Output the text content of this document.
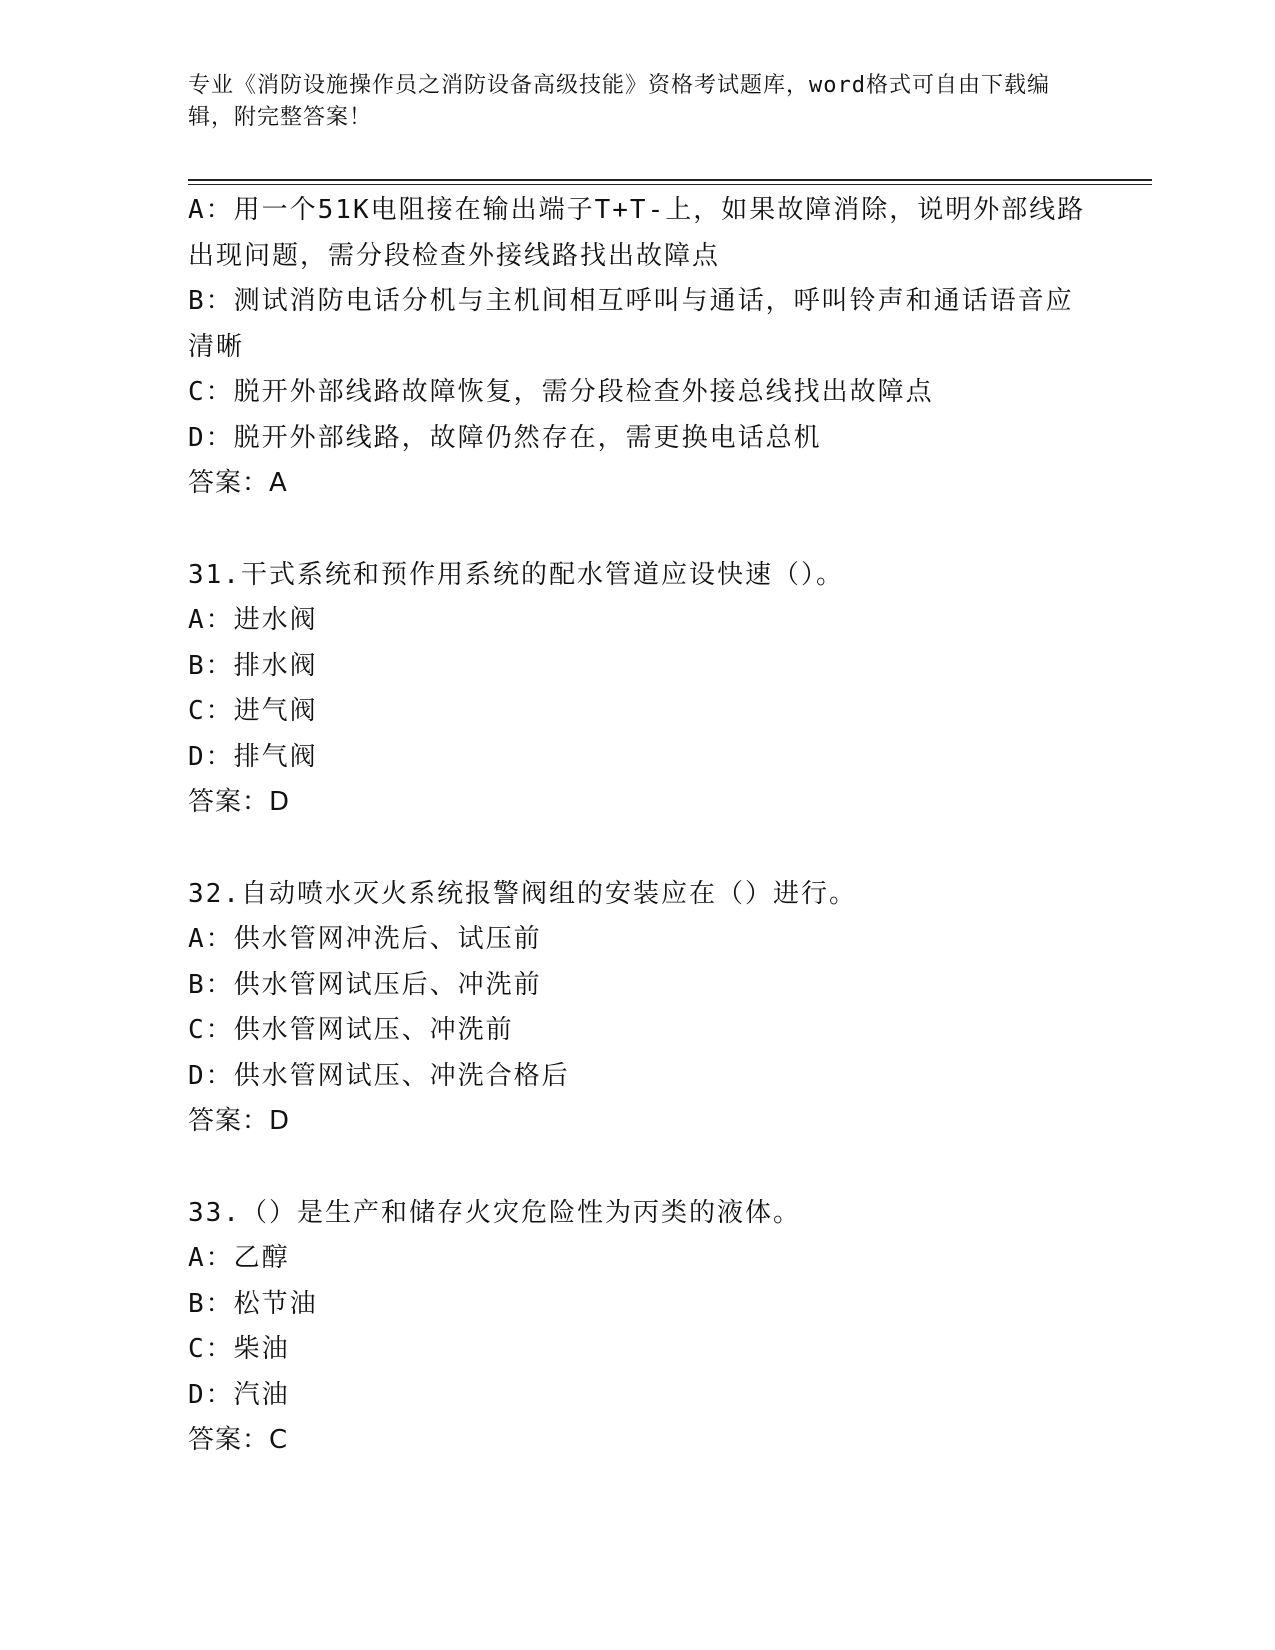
专业《消防设施操作员之消防设备高级技能》资格考试题库，word格式可自由下载编辑，附完整答案！
A：用一个51K电阻接在输出端子T+T-上，如果故障消除，说明外部线路出现问题，需分段检查外接线路找出故障点
B：测试消防电话分机与主机间相互呼叫与通话，呼叫铃声和通话语音应清晰
C：脱开外部线路故障恢复，需分段检查外接总线找出故障点
D：脱开外部线路，故障仍然存在，需更换电话总机
答案：A
31.干式系统和预作用系统的配水管道应设快速（）。
A：进水阀
B：排水阀
C：进气阀
D：排气阀
答案：D
32.自动喷水灭火系统报警阀组的安装应在（）进行。
A：供水管网冲洗后、试压前
B：供水管网试压后、冲洗前
C：供水管网试压、冲洗前
D：供水管网试压、冲洗合格后
答案：D
33.（）是生产和储存火灾危险性为丙类的液体。
A：乙醇
B：松节油
C：柴油
D：汽油
答案：C
